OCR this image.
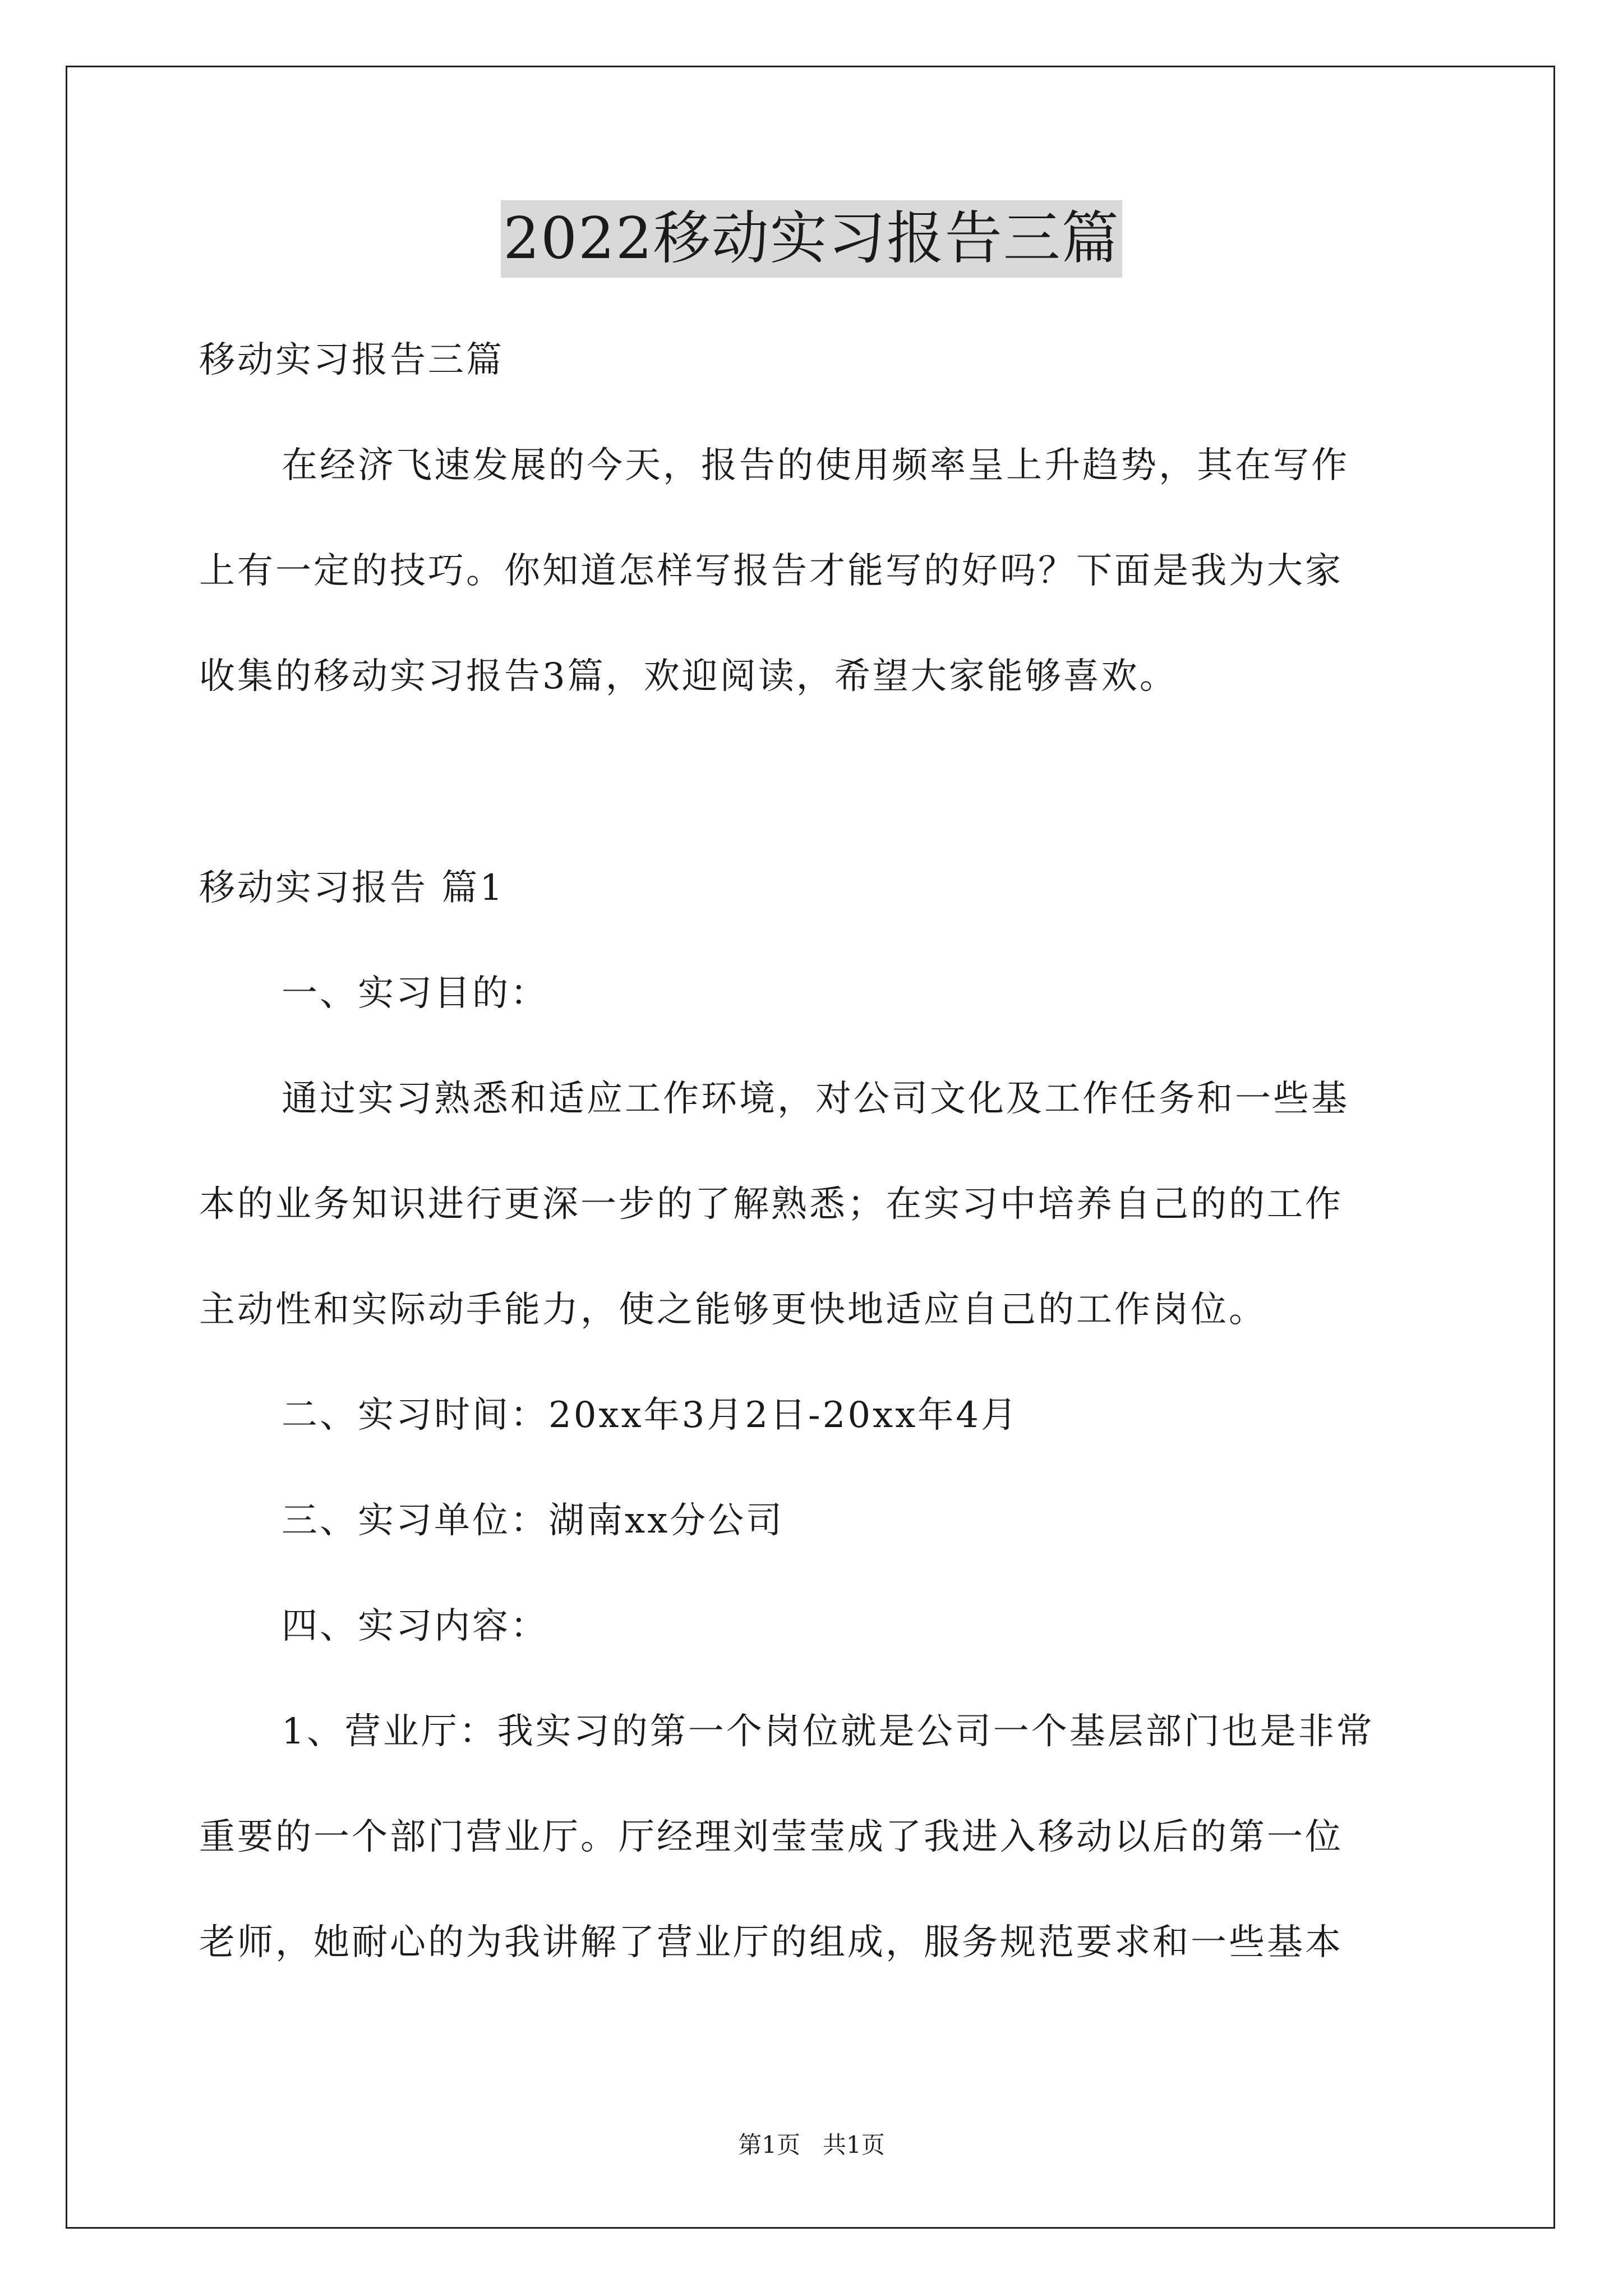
2022移动实习报告三篇

移动实习报告三篇

在经济飞速发展的今天，报告的使用频率呈上升趋势，其在写作

上有一定的技巧。你知道怎样写报告才能写的好吗？下面是我为大家

收集的移动实习报告3篇，欢迎阅读，希望大家能够喜欢。

移动实习报告 篇1

一、实习目的：

通过实习熟悉和适应工作环境，对公司文化及工作任务和一些基

本的业务知识进行更深一步的了解熟悉；在实习中培养自己的的工作

主动性和实际动手能力，使之能够更快地适应自己的工作岗位。

二、实习时间：20xx年3月2日-20xx年4月

三、实习单位：湖南xx分公司

四、实习内容：

1、营业厅：我实习的第一个岗位就是公司一个基层部门也是非常

重要的一个部门营业厅。厅经理刘莹莹成了我进入移动以后的第一位

老师，她耐心的为我讲解了营业厅的组成，服务规范要求和一些基本

第1页   共1页
